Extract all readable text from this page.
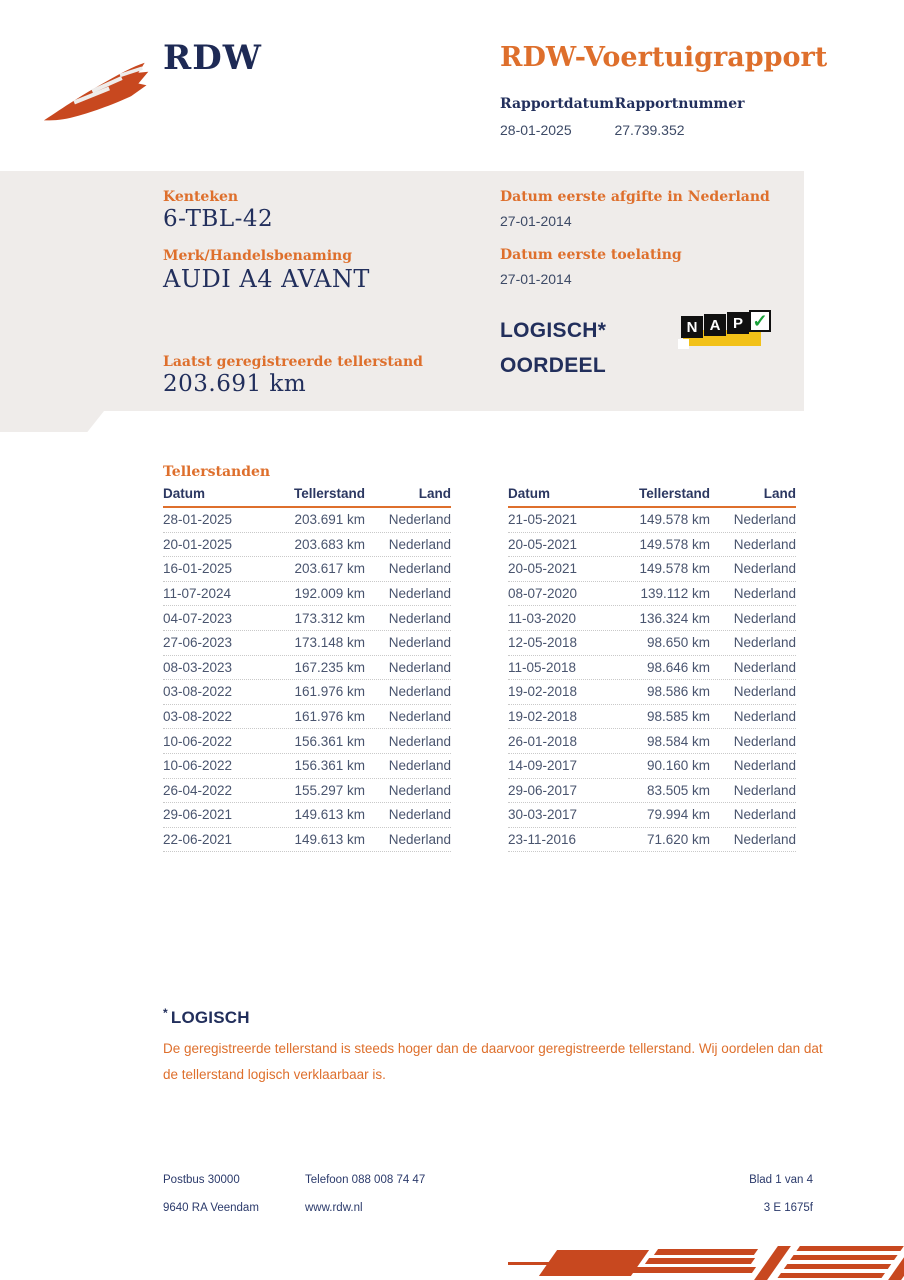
RDW	RDW-Voertuigrapport
Rapportdatum Rapportnummer
28-01-2025	27.739.352
Kenteken
6-TBL-42
Merk/Handelsbenaming
AUDI A4 AVANT
Laatst geregistreerde tellerstand
203.691 km
Datum eerste afgifte in Nederland
27-01-2014
Datum eerste toelating
27-01-2014
LOGISCH*
OORDEEL
N A P ✓
Tellerstanden
Datum	Tellerstand	Land
28-01-2025	203.691 km	Nederland
20-01-2025	203.683 km	Nederland
16-01-2025	203.617 km	Nederland
11-07-2024	192.009 km	Nederland
04-07-2023	173.312 km	Nederland
27-06-2023	173.148 km	Nederland
08-03-2023	167.235 km	Nederland
03-08-2022	161.976 km	Nederland
03-08-2022	161.976 km	Nederland
10-06-2022	156.361 km	Nederland
10-06-2022	156.361 km	Nederland
26-04-2022	155.297 km	Nederland
29-06-2021	149.613 km	Nederland
22-06-2021	149.613 km	Nederland
Datum	Tellerstand	Land
21-05-2021	149.578 km	Nederland
20-05-2021	149.578 km	Nederland
20-05-2021	149.578 km	Nederland
08-07-2020	139.112 km	Nederland
11-03-2020	136.324 km	Nederland
12-05-2018	98.650 km	Nederland
11-05-2018	98.646 km	Nederland
19-02-2018	98.586 km	Nederland
19-02-2018	98.585 km	Nederland
26-01-2018	98.584 km	Nederland
14-09-2017	90.160 km	Nederland
29-06-2017	83.505 km	Nederland
30-03-2017	79.994 km	Nederland
23-11-2016	71.620 km	Nederland
* LOGISCH

De geregistreerde tellerstand is steeds hoger dan de daarvoor geregistreerde tellerstand. Wij oordelen dan dat de tellerstand logisch verklaarbaar is.

Postbus 30000	Telefoon 088 008 74 47	Blad 1 van 4
9640 RA Veendam	www.rdw.nl	3 E 1675f
